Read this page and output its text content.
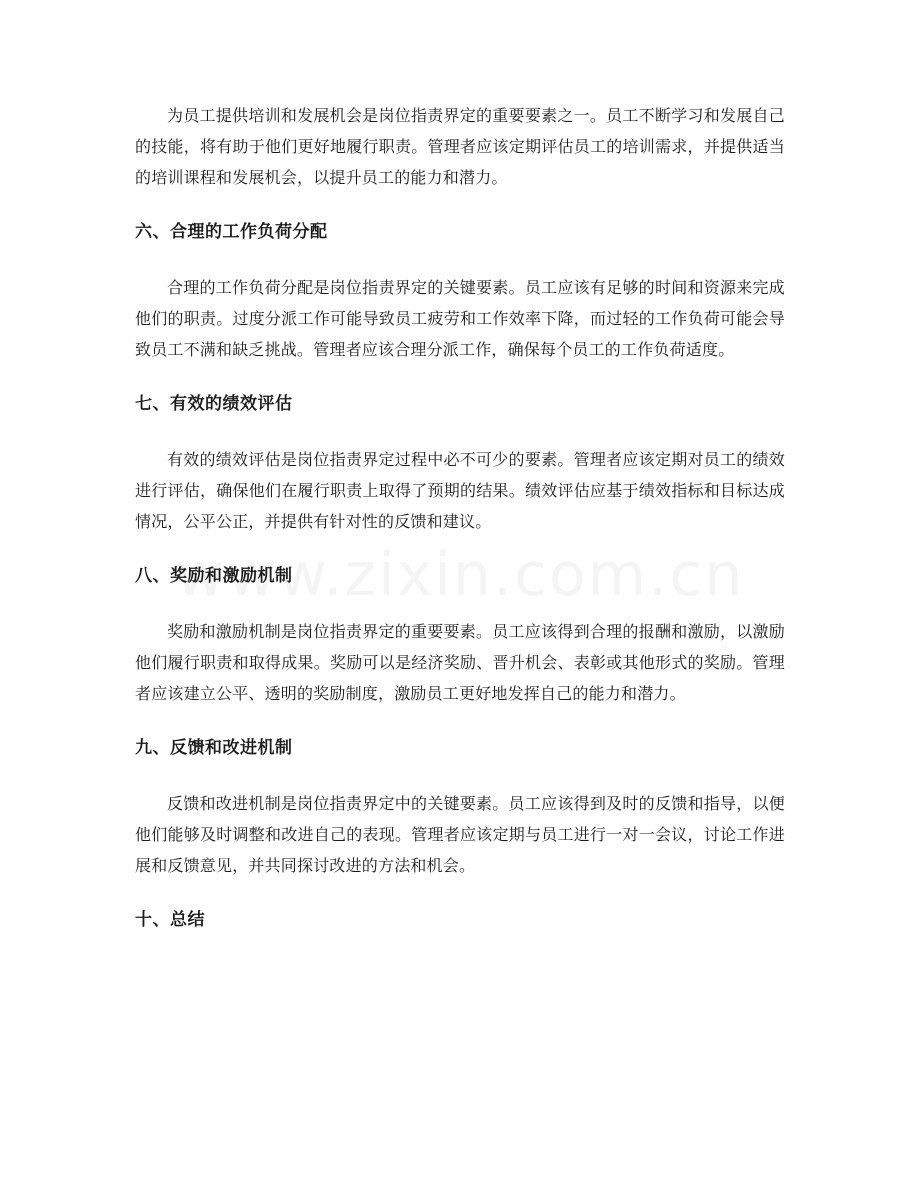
为员工提供培训和发展机会是岗位指责界定的重要要素之一。员工不断学习和发展自己的技能，将有助于他们更好地履行职责。管理者应该定期评估员工的培训需求，并提供适当的培训课程和发展机会，以提升员工的能力和潜力。

六、合理的工作负荷分配

合理的工作负荷分配是岗位指责界定的关键要素。员工应该有足够的时间和资源来完成他们的职责。过度分派工作可能导致员工疲劳和工作效率下降，而过轻的工作负荷可能会导致员工不满和缺乏挑战。管理者应该合理分派工作，确保每个员工的工作负荷适度。

七、有效的绩效评估

有效的绩效评估是岗位指责界定过程中必不可少的要素。管理者应该定期对员工的绩效进行评估，确保他们在履行职责上取得了预期的结果。绩效评估应基于绩效指标和目标达成情况，公平公正，并提供有针对性的反馈和建议。

八、奖励和激励机制

奖励和激励机制是岗位指责界定的重要要素。员工应该得到合理的报酬和激励，以激励他们履行职责和取得成果。奖励可以是经济奖励、晋升机会、表彰或其他形式的奖励。管理者应该建立公平、透明的奖励制度，激励员工更好地发挥自己的能力和潜力。

九、反馈和改进机制

反馈和改进机制是岗位指责界定中的关键要素。员工应该得到及时的反馈和指导，以便他们能够及时调整和改进自己的表现。管理者应该定期与员工进行一对一会议，讨论工作进展和反馈意见，并共同探讨改进的方法和机会。

十、总结
